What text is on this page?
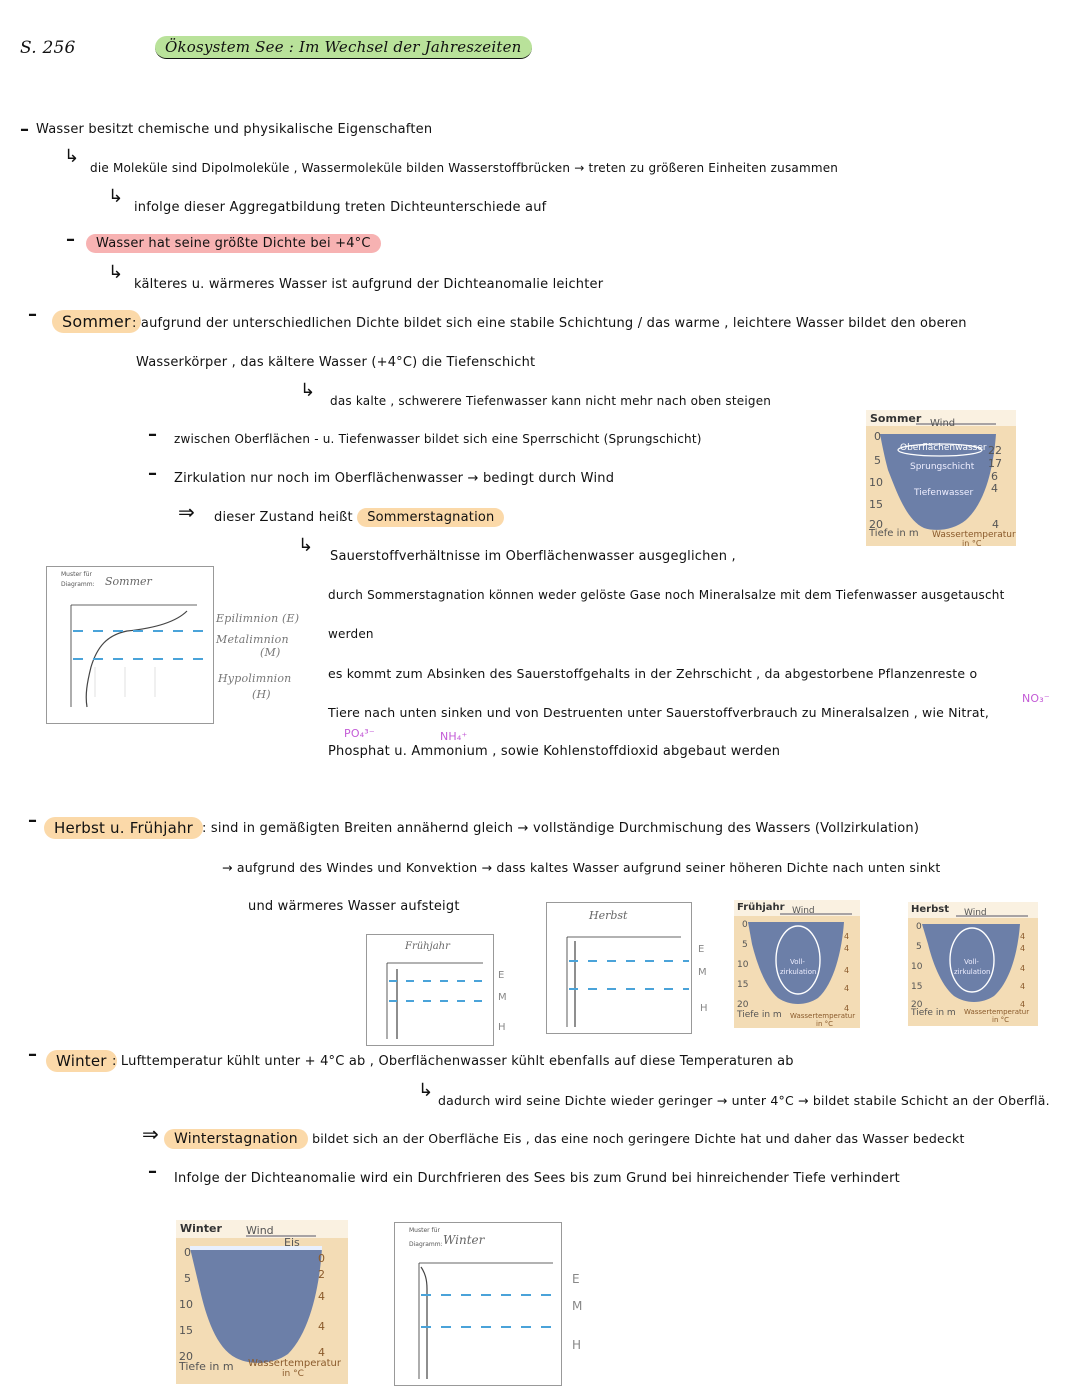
S. 256	Ökosystem See : Im Wechsel der Jahreszeiten
– Wasser besitzt chemische und physikalische Eigenschaften
↳
die Moleküle sind Dipolmoleküle , Wassermoleküle bilden Wasserstoffbrücken → treten zu größeren Einheiten zusammen
↳
infolge dieser Aggregatbildung treten Dichteunterschiede auf
–	Wasser hat seine größte Dichte bei +4°C
↳
kälteres u. wärmeres Wasser ist aufgrund der Dichteanomalie leichter
–	Sommer : aufgrund der unterschiedlichen Dichte bildet sich eine stabile Schichtung / das warme , leichtere Wasser bildet den oberen
Wasserkörper , das kältere Wasser (+4°C) die Tiefenschicht
↳ das kalte , schwerere Tiefenwasser kann nicht mehr nach oben steigen
– zwischen Oberflächen - u. Tiefenwasser bildet sich eine Sperrschicht (Sprungschicht)
– Zirkulation nur noch im Oberflächenwasser → bedingt durch Wind
⇒ dieser Zustand heißt Sommerstagnation
↳
Sauerstoffverhältnisse im Oberflächenwasser ausgeglichen ,
durch Sommerstagnation können weder gelöste Gase noch Mineralsalze mit dem Tiefenwasser ausgetauscht
werden
es kommt zum Absinken des Sauerstoffgehalts in der Zehrschicht , da abgestorbene Pflanzenreste o
NO₃⁻
Tiere nach unten sinken und von Destruenten unter Sauerstoffverbrauch zu Mineralsalzen , wie Nitrat,
PO₄³⁻	NH₄⁺
Phosphat u. Ammonium , sowie Kohlenstoffdioxid abgebaut werden
Sommer Wind
Oberflächenwasser
Sprungschicht
Tiefenwasser
0
5
10
15
20
22
17
6
4
4
Tiefe in m Wassertemperatur
in °C
Muster für
Diagramm: Sommer
Epilimnion (E)
Metalimnion
(M)
Hypolimnion
(H)
–	Herbst u. Frühjahr : sind in gemäßigten Breiten annähernd gleich → vollständige Durchmischung des Wassers (Vollzirkulation)
→ aufgrund des Windes und Konvektion → dass kaltes Wasser aufgrund seiner höheren Dichte nach unten sinkt
und wärmeres Wasser aufsteigt
Frühjahr
E
M
H
Herbst
E
M
H
Frühjahr Wind
Voll-
zirkulation
0
5
10
15
20
4
4
4
4
4
Tiefe in m Wassertemperatur
in °C
Herbst Wind
Voll-
zirkulation
0
5
10
15
20
4
4
4
4
4
Tiefe in m Wassertemperatur
in °C
–	Winter : Lufttemperatur kühlt unter + 4°C ab , Oberflächenwasser kühlt ebenfalls auf diese Temperaturen ab
↳ dadurch wird seine Dichte wieder geringer → unter 4°C → bildet stabile Schicht an der Oberflä.
⇒	Winterstagnation bildet sich an der Oberfläche Eis , das eine noch geringere Dichte hat und daher das Wasser bedeckt
– Infolge der Dichteanomalie wird ein Durchfrieren des Sees bis zum Grund bei hinreichender Tiefe verhindert
Winter Wind
Eis
0
5
10
15
20
0
2
4
4
4
Tiefe in m Wassertemperatur
in °C
Muster für
Diagramm: Winter
E
M
H
